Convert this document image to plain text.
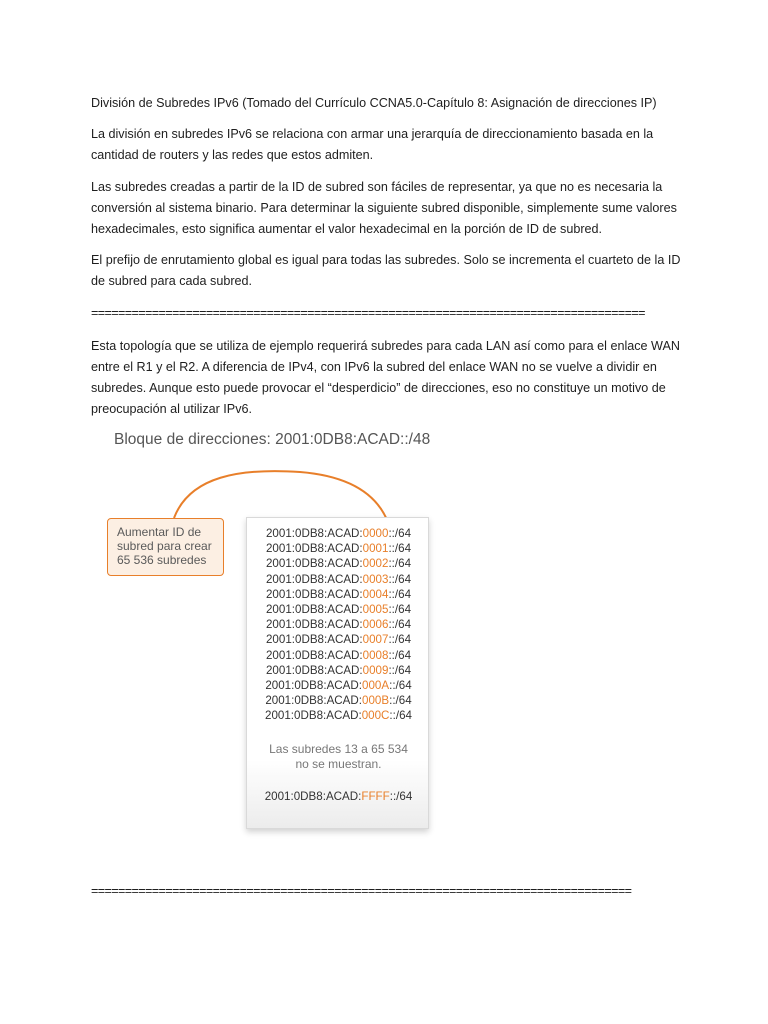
División de Subredes IPv6 (Tomado del Currículo CCNA5.0-Capítulo 8: Asignación de direcciones IP)

La división en subredes IPv6 se relaciona con armar una jerarquía de direccionamiento basada en la cantidad de routers y las redes que estos admiten.

Las subredes creadas a partir de la ID de subred son fáciles de representar, ya que no es necesaria la conversión al sistema binario. Para determinar la siguiente subred disponible, simplemente sume valores hexadecimales, esto significa aumentar el valor hexadecimal en la porción de ID de subred.

El prefijo de enrutamiento global es igual para todas las subredes. Solo se incrementa el cuarteto de la ID de subred para cada subred.

==================================================================================

Esta topología que se utiliza de ejemplo requerirá subredes para cada LAN así como para el enlace WAN entre el R1 y el R2. A diferencia de IPv4, con IPv6 la subred del enlace WAN no se vuelve a dividir en subredes. Aunque esto puede provocar el “desperdicio” de direcciones, eso no constituye un motivo de preocupación al utilizar IPv6.

Bloque de direcciones: 2001:0DB8:ACAD::/48

Aumentar ID de
subred para crear
65 536 subredes
2001:0DB8:ACAD:0000::/64
2001:0DB8:ACAD:0001::/64
2001:0DB8:ACAD:0002::/64
2001:0DB8:ACAD:0003::/64
2001:0DB8:ACAD:0004::/64
2001:0DB8:ACAD:0005::/64
2001:0DB8:ACAD:0006::/64
2001:0DB8:ACAD:0007::/64
2001:0DB8:ACAD:0008::/64
2001:0DB8:ACAD:0009::/64
2001:0DB8:ACAD:000A::/64
2001:0DB8:ACAD:000B::/64
2001:0DB8:ACAD:000C::/64
Las subredes 13 a 65 534
no se muestran.
2001:0DB8:ACAD:FFFF::/64
================================================================================
